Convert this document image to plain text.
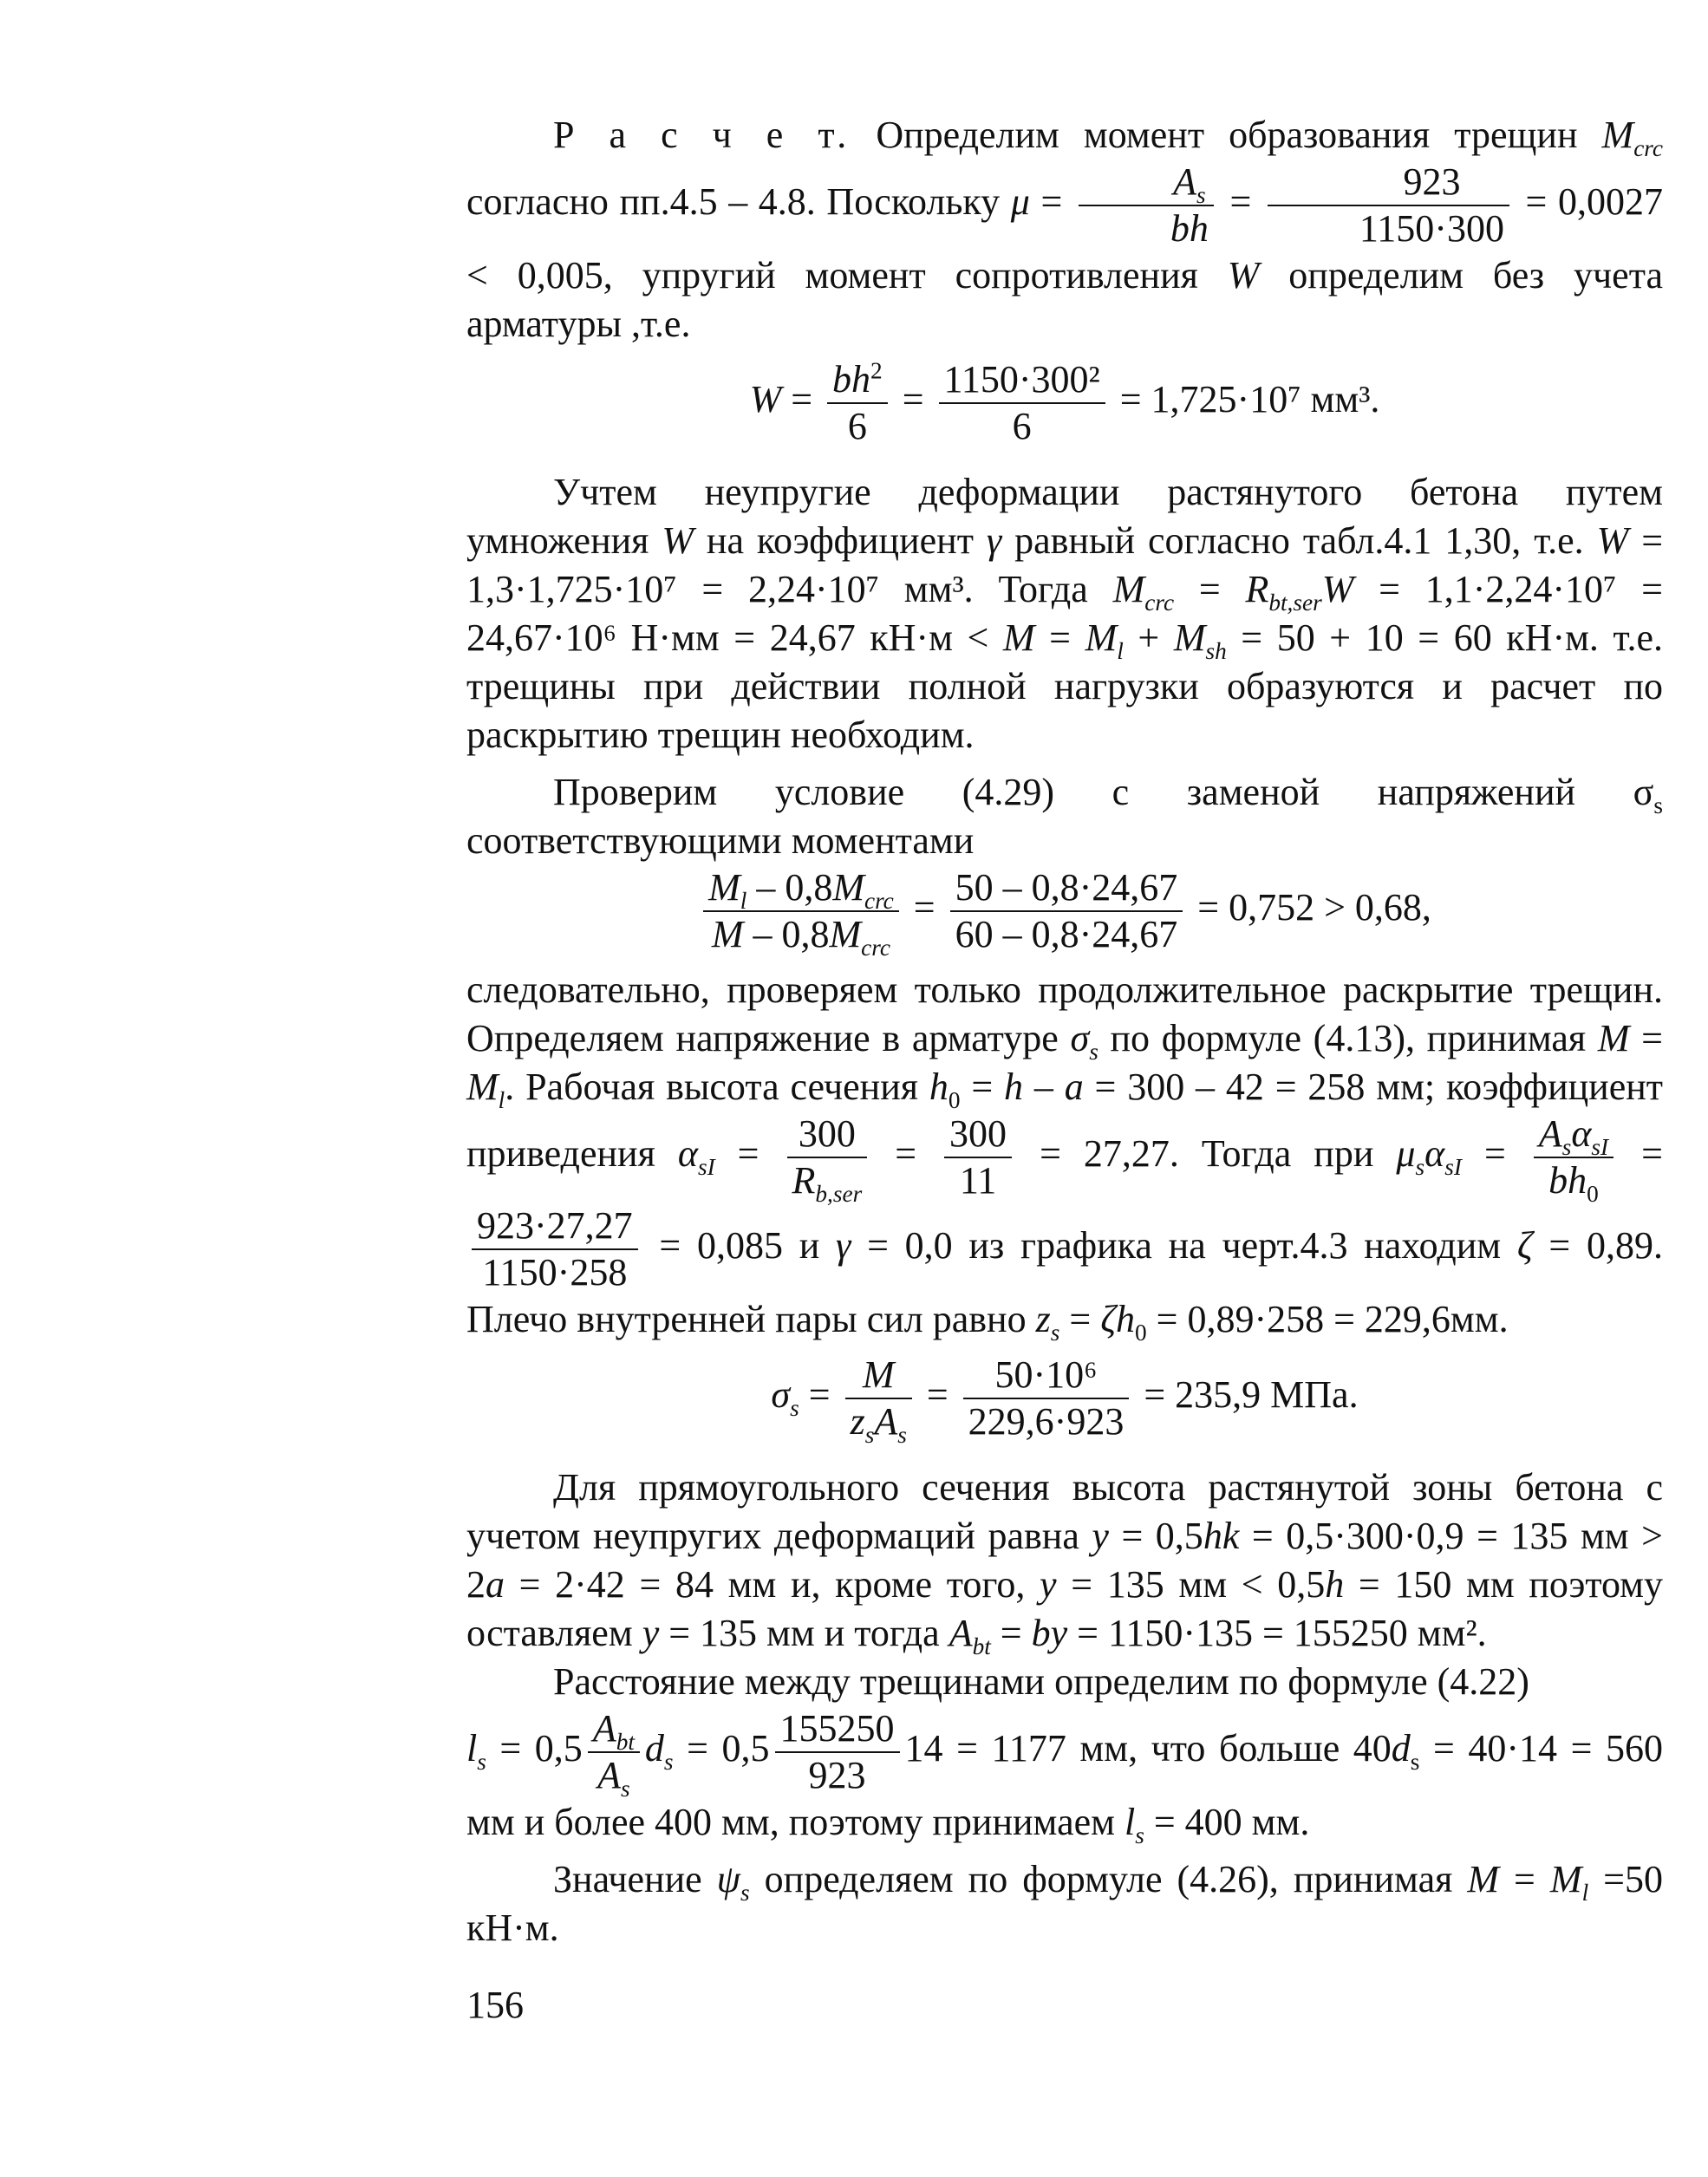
Р а с ч е т. Определим момент образования трещин $M_{crc}$ согласно пп.4.5 – 4.8. Поскольку $\mu = \frac{A_s}{bh} = \frac{923}{1150\cdot 300} = 0,0027 < 0,005$, упругий момент сопротивления W определим без учета арматуры ,т.е.

$W = \frac{bh^2}{6} = \frac{\text{1150·300²}}{6} = 1,725\cdot 10^7$ мм³.

Учтем неупругие деформации растянутого бетона путем умножения W на коэффициент γ равный согласно табл.4.1 1,30, т.е. W = 1,3·1,725·10⁷ = 2,24·10⁷ мм³. Тогда $M_{crc} = R_{bt,ser}W = 1,1\cdot 2,24\cdot 10^7 = 24,67\cdot 10^6$ Н·мм = 24,67 $кН\cdot м < M = M_l + M_{sh} = 50 + 10 = 60$ кН·м. т.е. трещины при действии полной нагрузки образуются и расчет по раскрытию трещин необходим.

Проверим условие (4.29) с заменой напряжений $\sigma_s$ соответствующими моментами

$\frac{M_l - 0,8M_{crc}}{M - 0,8M_{crc}} = \frac{50 - 0,8\cdot 24,67}{60 - 0,8\cdot 24,67} = 0,752 > 0,68$,

следовательно, проверяем только продолжительное раскрытие трещин. Определяем напряжение в арматуре $\sigma_s$ по формуле (4.13), принимая $M = M_l$. Рабочая высота сечения $h_0 = h - a = 300 - 42 = 258$ мм; коэффициент приведения $\alpha_{sI} = \frac{300}{R_{b,ser}} = \frac{300}{11} = 27,27$. Тогда при $\mu_s\alpha_{sI} = \frac{A_s\alpha_{sI}}{bh_0}$ =
$\frac{923\cdot 27,27}{1150\cdot 258} = 0,085$ и γ = 0,0 из графика на черт.4.3 находим ζ = 0,89. Плечо внутренней пары сил равно $z_s = \zeta h_0 = 0,89\cdot 258 = 229,6мм$.

$\sigma_s = \frac{M}{z_sA_s} = \frac{\text{50·10⁶}}{229,6\cdot 923} = 235,9$ МПа.

Для прямоугольного сечения высота растянутой зоны бетона с учетом неупругих деформаций равна y = 0,5hk = 0,5·300·0,9 = 135 мм > 2a = 2·42 = 84 мм и, кроме того, y = 135 мм < 0,5h = 150 мм поэтому оставляем y = 135 мм и тогда $A_{bt}$ = by = 1150·135 = 155250 мм².

Расстояние между трещинами определим по формуле (4.22)

$l_s = 0,5 \frac{A_{bt}}{A_s} d_s = 0,5 \frac{155250}{923} 14 = 1177$ мм, что больше $40d_s = 40\cdot 14 = 560$ мм и более 400 мм, поэтому принимаем $l_s = 400$ мм.

Значение $\psi_s$ определяем по формуле (4.26), принимая $M = M_l =50$ кН·м.

156
